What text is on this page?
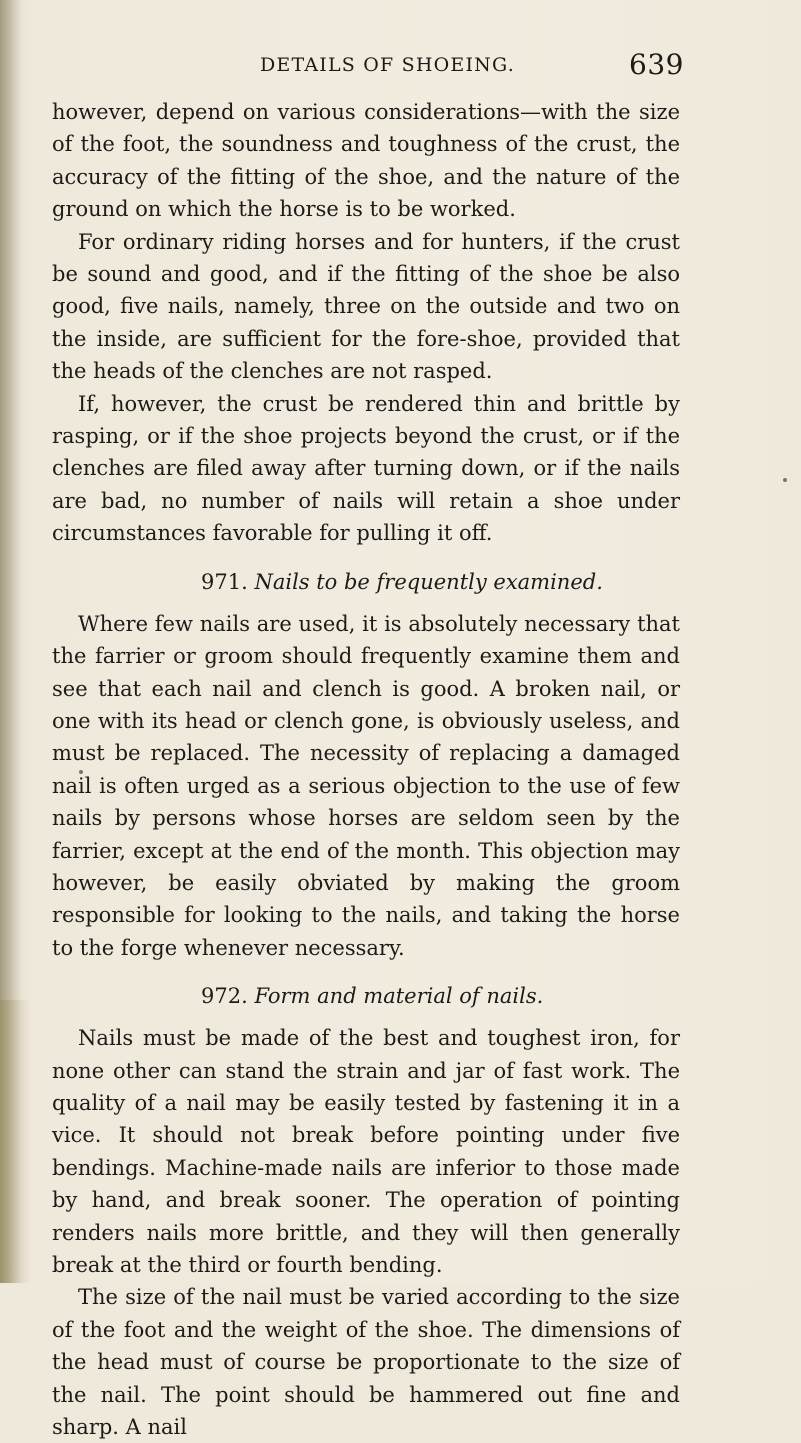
DETAILS OF SHOEING.	639

however, depend on various considerations—with the size of the foot, the soundness and toughness of the crust, the accuracy of the fitting of the shoe, and the nature of the ground on which the horse is to be worked.

For ordinary riding horses and for hunters, if the crust be sound and good, and if the fitting of the shoe be also good, five nails, namely, three on the outside and two on the inside, are sufficient for the fore-shoe, provided that the heads of the clenches are not rasped.

If, however, the crust be rendered thin and brittle by rasping, or if the shoe projects beyond the crust, or if the clenches are filed away after turning down, or if the nails are bad, no number of nails will retain a shoe under circumstances favorable for pulling it off.

971. Nails to be frequently examined.

Where few nails are used, it is absolutely necessary that the farrier or groom should frequently examine them and see that each nail and clench is good. A broken nail, or one with its head or clench gone, is obviously useless, and must be replaced. The necessity of replacing a damaged nail is often urged as a serious objection to the use of few nails by persons whose horses are seldom seen by the farrier, except at the end of the month. This objection may however, be easily obviated by making the groom responsible for looking to the nails, and taking the horse to the forge whenever necessary.

972. Form and material of nails.

Nails must be made of the best and toughest iron, for none other can stand the strain and jar of fast work. The quality of a nail may be easily tested by fastening it in a vice. It should not break before pointing under five bendings. Machine-made nails are inferior to those made by hand, and break sooner. The operation of pointing renders nails more brittle, and they will then generally break at the third or fourth bending.

The size of the nail must be varied according to the size of the foot and the weight of the shoe. The dimensions of the head must of course be proportionate to the size of the nail. The point should be hammered out fine and sharp. A nail
